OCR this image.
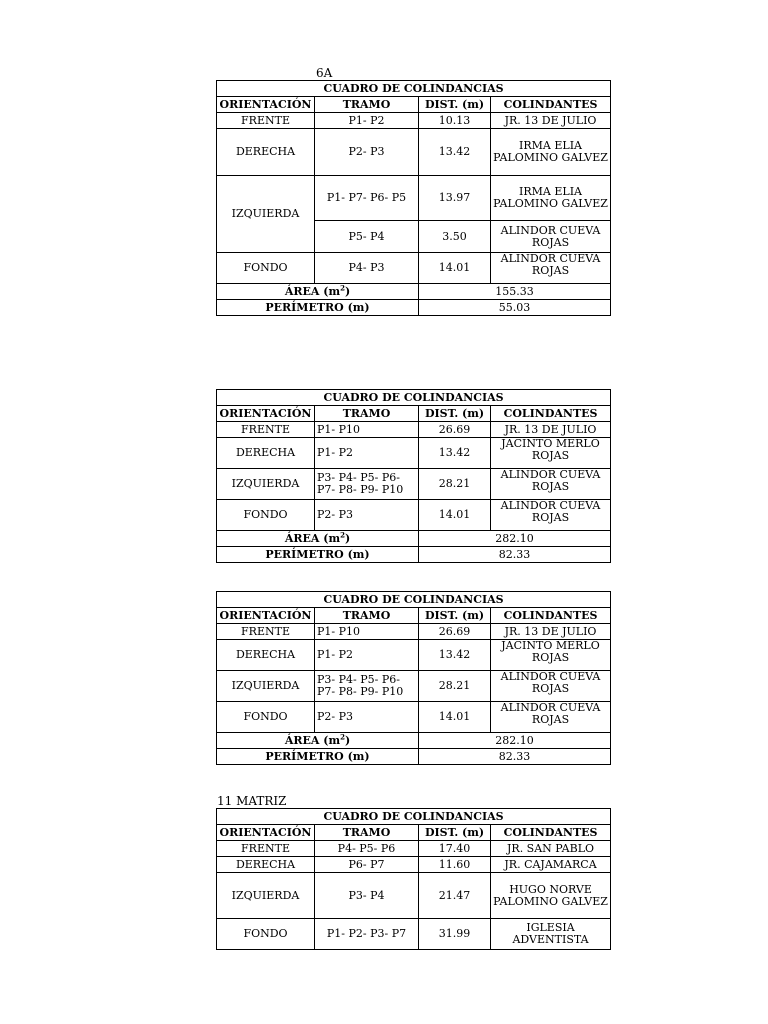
6A
CUADRO DE COLINDANCIAS			
ORIENTACIÓN	TRAMO	DIST. (m)	COLINDANTES
FRENTE	P1- P2	10.13	JR. 13 DE JULIO
DERECHA	P2- P3	13.42	IRMA ELIA PALOMINO GALVEZ
IZQUIERDA	P1- P7- P6- P5	13.97	IRMA ELIA PALOMINO GALVEZ
	P5- P4	3.50	ALINDOR CUEVA ROJAS
FONDO	P4- P3	14.01	ALINDOR CUEVA ROJAS
ÁREA $(m^2)$		155.33	
PERÍMETRO (m)		55.03	
CUADRO DE COLINDANCIAS			
ORIENTACIÓN	TRAMO	DIST. (m)	COLINDANTES
FRENTE	P1- P10	26.69	JR. 13 DE JULIO
DERECHA	P1- P2	13.42	JACINTO MERLO ROJAS
IZQUIERDA	P3- P4- P5- P6- P7- P8- P9- P10	28.21	ALINDOR CUEVA ROJAS
FONDO	P2- P3	14.01	ALINDOR CUEVA ROJAS
ÁREA $(m^2)$		282.10	
PERÍMETRO (m)		82.33	
CUADRO DE COLINDANCIAS			
ORIENTACIÓN	TRAMO	DIST. (m)	COLINDANTES
FRENTE	P1- P10	26.69	JR. 13 DE JULIO
DERECHA	P1- P2	13.42	JACINTO MERLO ROJAS
IZQUIERDA	P3- P4- P5- P6- P7- P8- P9- P10	28.21	ALINDOR CUEVA ROJAS
FONDO	P2- P3	14.01	ALINDOR CUEVA ROJAS
ÁREA $(m^2)$		282.10	
PERÍMETRO (m)		82.33	
11 MATRIZ
CUADRO DE COLINDANCIAS			
ORIENTACIÓN	TRAMO	DIST. (m)	COLINDANTES
FRENTE	P4- P5- P6	17.40	JR. SAN PABLO
DERECHA	P6- P7	11.60	JR. CAJAMARCA
IZQUIERDA	P3- P4	21.47	HUGO NORVE PALOMINO GALVEZ
FONDO	P1- P2- P3- P7	31.99	IGLESIA ADVENTISTA
